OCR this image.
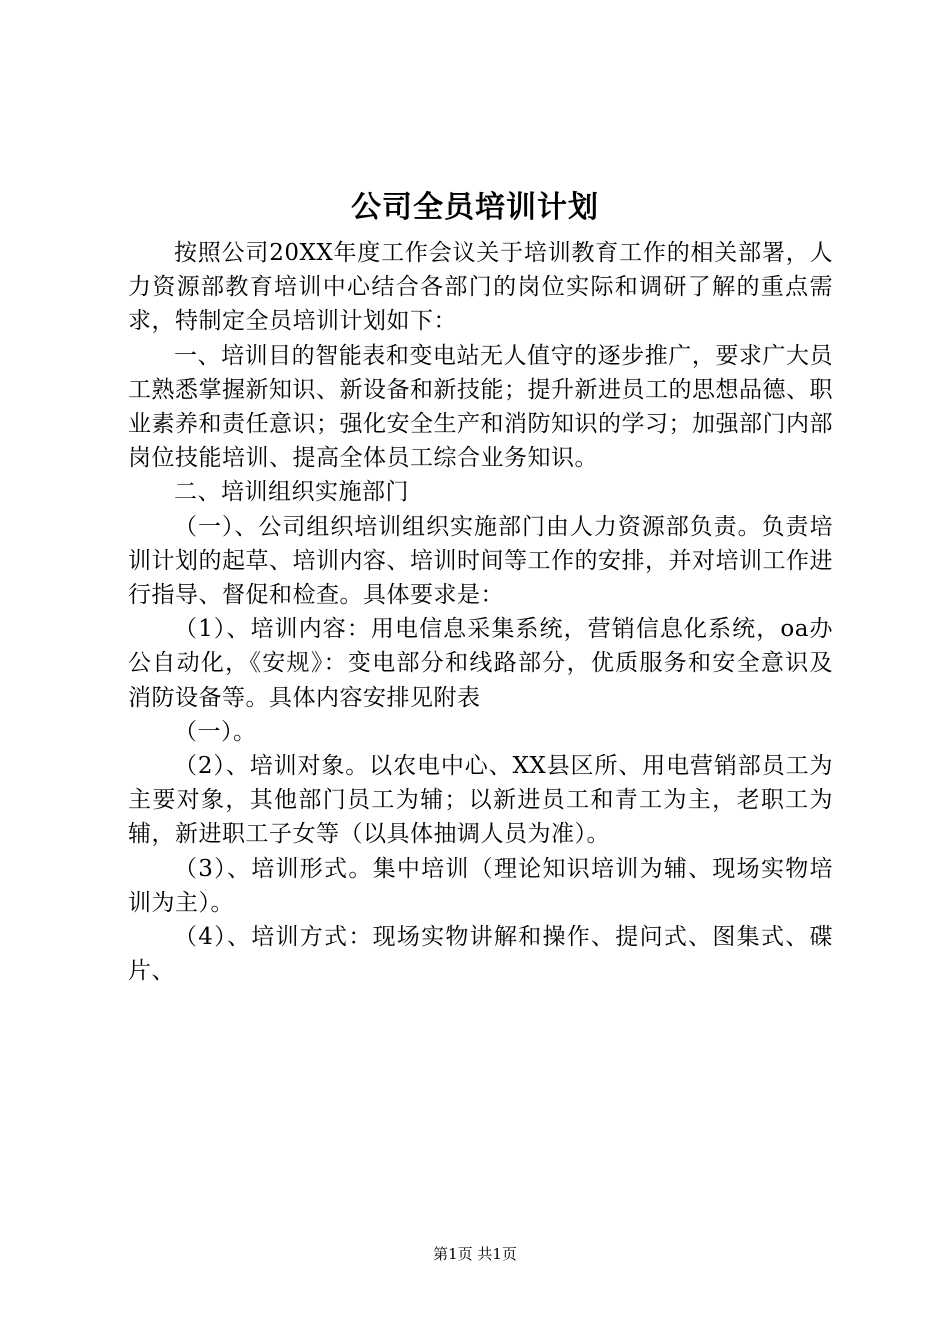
公司全员培训计划

按照公司20XX年度工作会议关于培训教育工作的相关部署，人力资源部教育培训中心结合各部门的岗位实际和调研了解的重点需求，特制定全员培训计划如下：

一、培训目的智能表和变电站无人值守的逐步推广，要求广大员工熟悉掌握新知识、新设备和新技能；提升新进员工的思想品德、职业素养和责任意识；强化安全生产和消防知识的学习；加强部门内部岗位技能培训、提高全体员工综合业务知识。

二、培训组织实施部门

（一）、公司组织培训组织实施部门由人力资源部负责。负责培训计划的起草、培训内容、培训时间等工作的安排，并对培训工作进行指导、督促和检查。具体要求是：

（1）、培训内容：用电信息采集系统，营销信息化系统，oa办公自动化，《安规》：变电部分和线路部分，优质服务和安全意识及消防设备等。具体内容安排见附表

（一）。

（2）、培训对象。以农电中心、XX县区所、用电营销部员工为主要对象，其他部门员工为辅；以新进员工和青工为主，老职工为辅，新进职工子女等（以具体抽调人员为准）。

（3）、培训形式。集中培训（理论知识培训为辅、现场实物培训为主）。

（4）、培训方式：现场实物讲解和操作、提问式、图集式、碟片、

第1页 共1页
